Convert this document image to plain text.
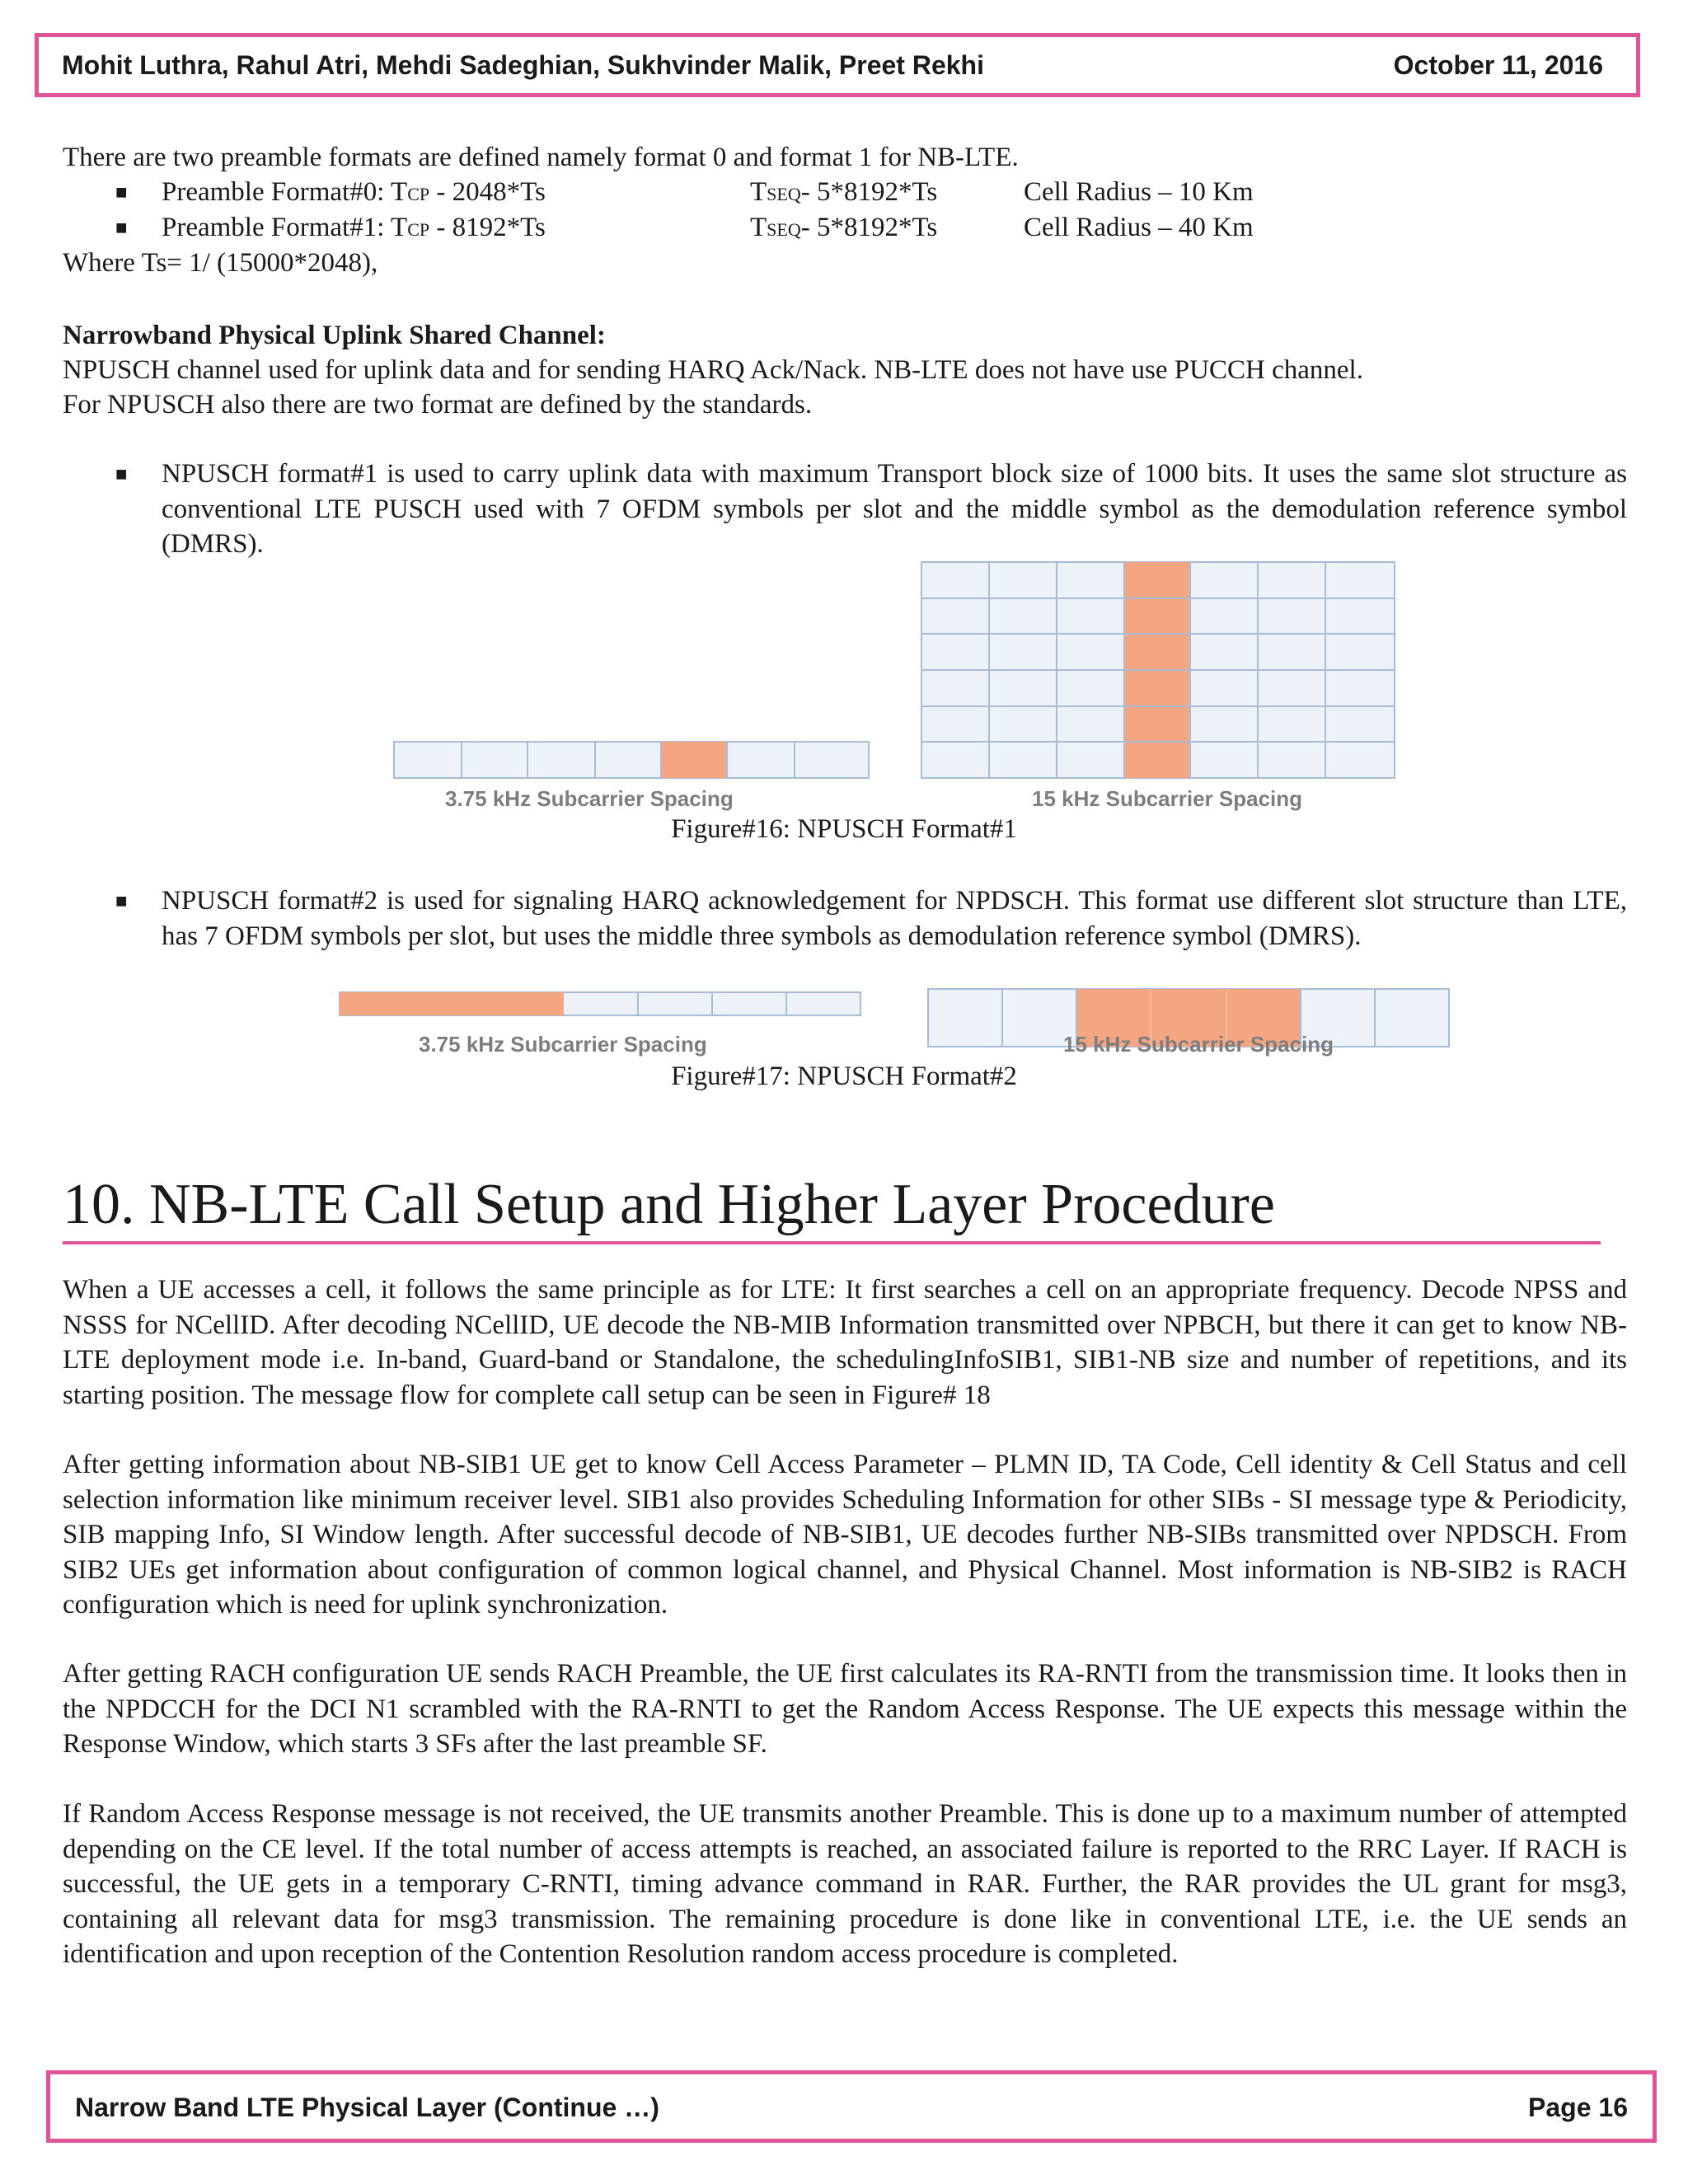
Mohit Luthra, Rahul Atri, Mehdi Sadeghian, Sukhvinder Malik, Preet Rekhi	October 11, 2016
There are two preamble formats are defined namely format 0 and format 1 for NB-LTE.
■ Preamble Format#0: TCP - 2048*Ts	TSEQ- 5*8192*Ts	Cell Radius – 10 Km
■ Preamble Format#1: TCP - 8192*Ts	TSEQ- 5*8192*Ts	Cell Radius – 40 Km
Where Ts= 1/ (15000*2048),
Narrowband Physical Uplink Shared Channel:
NPUSCH channel used for uplink data and for sending HARQ Ack/Nack. NB-LTE does not have use PUCCH channel.
For NPUSCH also there are two format are defined by the standards.
■ NPUSCH format#1 is used to carry uplink data with maximum Transport block size of 1000 bits. It uses the same slot structure as conventional LTE PUSCH used with 7 OFDM symbols per slot and the middle symbol as the demodulation reference symbol (DMRS).

3.75 kHz Subcarrier Spacing	15 kHz Subcarrier Spacing
Figure#16: NPUSCH Format#1
■ NPUSCH format#2 is used for signaling HARQ acknowledgement for NPDSCH. This format use different slot structure than LTE, has 7 OFDM symbols per slot, but uses the middle three symbols as demodulation reference symbol (DMRS).

3.75 kHz Subcarrier Spacing	15 kHz Subcarrier Spacing
Figure#17: NPUSCH Format#2
10. NB-LTE Call Setup and Higher Layer Procedure

When a UE accesses a cell, it follows the same principle as for LTE: It first searches a cell on an appropriate frequency. Decode NPSS and NSSS for NCellID. After decoding NCellID, UE decode the NB-MIB Information transmitted over NPBCH, but there it can get to know NB-LTE deployment mode i.e. In-band, Guard-band or Standalone, the schedulingInfoSIB1, SIB1-NB size and number of repetitions, and its starting position. The message flow for complete call setup can be seen in Figure# 18

After getting information about NB-SIB1 UE get to know Cell Access Parameter – PLMN ID, TA Code, Cell identity & Cell Status and cell selection information like minimum receiver level. SIB1 also provides Scheduling Information for other SIBs - SI message type & Periodicity, SIB mapping Info, SI Window length. After successful decode of NB-SIB1, UE decodes further NB-SIBs transmitted over NPDSCH. From SIB2 UEs get information about configuration of common logical channel, and Physical Channel. Most information is NB-SIB2 is RACH configuration which is need for uplink synchronization.

After getting RACH configuration UE sends RACH Preamble, the UE first calculates its RA-RNTI from the transmission time. It looks then in the NPDCCH for the DCI N1 scrambled with the RA-RNTI to get the Random Access Response. The UE expects this message within the Response Window, which starts 3 SFs after the last preamble SF.

If Random Access Response message is not received, the UE transmits another Preamble. This is done up to a maximum number of attempted depending on the CE level. If the total number of access attempts is reached, an associated failure is reported to the RRC Layer. If RACH is successful, the UE gets in a temporary C-RNTI, timing advance command in RAR. Further, the RAR provides the UL grant for msg3, containing all relevant data for msg3 transmission. The remaining procedure is done like in conventional LTE, i.e. the UE sends an identification and upon reception of the Contention Resolution random access procedure is completed.

Narrow Band LTE Physical Layer (Continue …)	Page 16
